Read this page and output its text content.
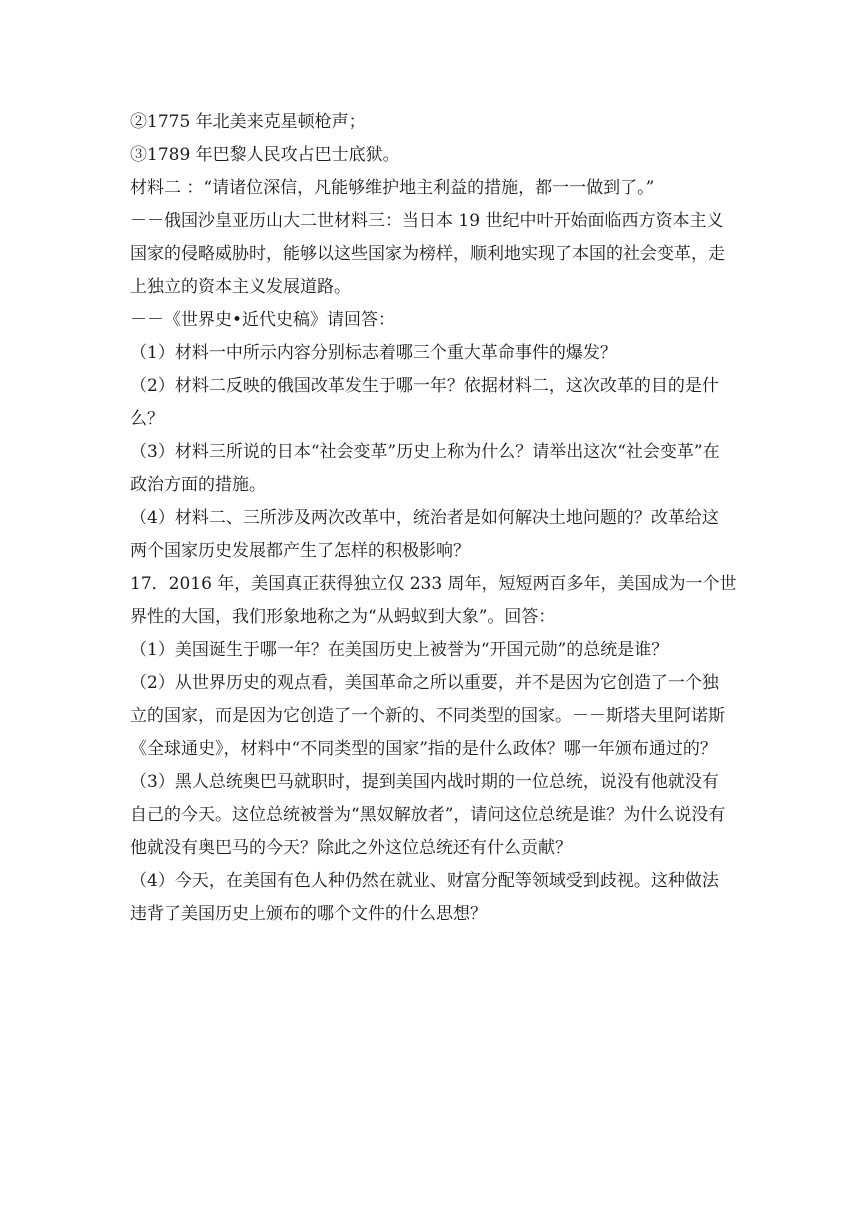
②1775 年北美来克星顿枪声；
③1789 年巴黎人民攻占巴士底狱。
材料二 ：“请诸位深信，凡能够维护地主利益的措施，都一一做到了。”
－－俄国沙皇亚历山大二世材料三：当日本 19 世纪中叶开始面临西方资本主义
国家的侵略威胁时，能够以这些国家为榜样，顺利地实现了本国的社会变革，走
上独立的资本主义发展道路。
－－《世界史•近代史稿》请回答：
（1）材料一中所示内容分别标志着哪三个重大革命事件的爆发？
（2）材料二反映的俄国改革发生于哪一年？依据材料二，这次改革的目的是什
么？
（3）材料三所说的日本“社会变革”历史上称为什么？请举出这次“社会变革”在
政治方面的措施。
（4）材料二、三所涉及两次改革中，统治者是如何解决土地问题的？改革给这
两个国家历史发展都产生了怎样的积极影响？
17．2016 年，美国真正获得独立仅 233 周年，短短两百多年，美国成为一个世
界性的大国，我们形象地称之为“从蚂蚁到大象”。回答：
（1）美国诞生于哪一年？在美国历史上被誉为“开国元勋”的总统是谁？
（2）从世界历史的观点看，美国革命之所以重要，并不是因为它创造了一个独
立的国家，而是因为它创造了一个新的、不同类型的国家。－－斯塔夫里阿诺斯
《全球通史》，材料中“不同类型的国家”指的是什么政体？哪一年颁布通过的？
（3）黑人总统奥巴马就职时，提到美国内战时期的一位总统，说没有他就没有
自己的今天。这位总统被誉为“黑奴解放者”，请问这位总统是谁？为什么说没有
他就没有奥巴马的今天？除此之外这位总统还有什么贡献？
（4）今天，在美国有色人种仍然在就业、财富分配等领域受到歧视。这种做法
违背了美国历史上颁布的哪个文件的什么思想？
